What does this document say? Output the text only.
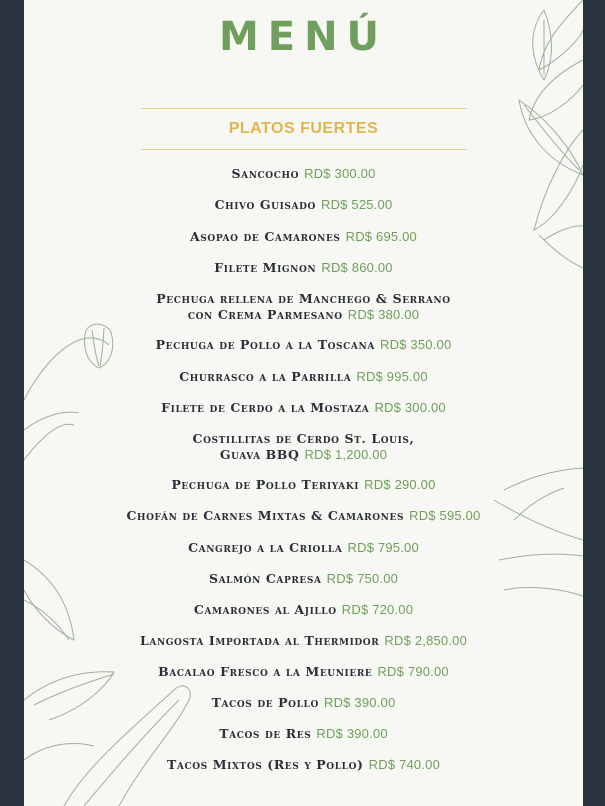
MENÚ
PLATOS FUERTES
Sancocho RD$ 300.00
Chivo Guisado RD$ 525.00
Asopao de Camarones RD$ 695.00
Filete Mignon RD$ 860.00
Pechuga rellena de Manchego & Serrano
con Crema Parmesano RD$ 380.00
Pechuga de Pollo a la Toscana RD$ 350.00
Churrasco a la Parrilla RD$ 995.00
Filete de Cerdo a la Mostaza RD$ 300.00
Costillitas de Cerdo St. Louis,
Guava BBQ RD$ 1,200.00
Pechuga de Pollo Teriyaki RD$ 290.00
Chofán de Carnes Mixtas & Camarones RD$ 595.00
Cangrejo a la Criolla RD$ 795.00
Salmón Capresa RD$ 750.00
Camarones al Ajillo RD$ 720.00
Langosta Importada al Thermidor RD$ 2,850.00
Bacalao Fresco a la Meuniere RD$ 790.00
Tacos de Pollo RD$ 390.00
Tacos de Res RD$ 390.00
Tacos Mixtos (Res y Pollo) RD$ 740.00
